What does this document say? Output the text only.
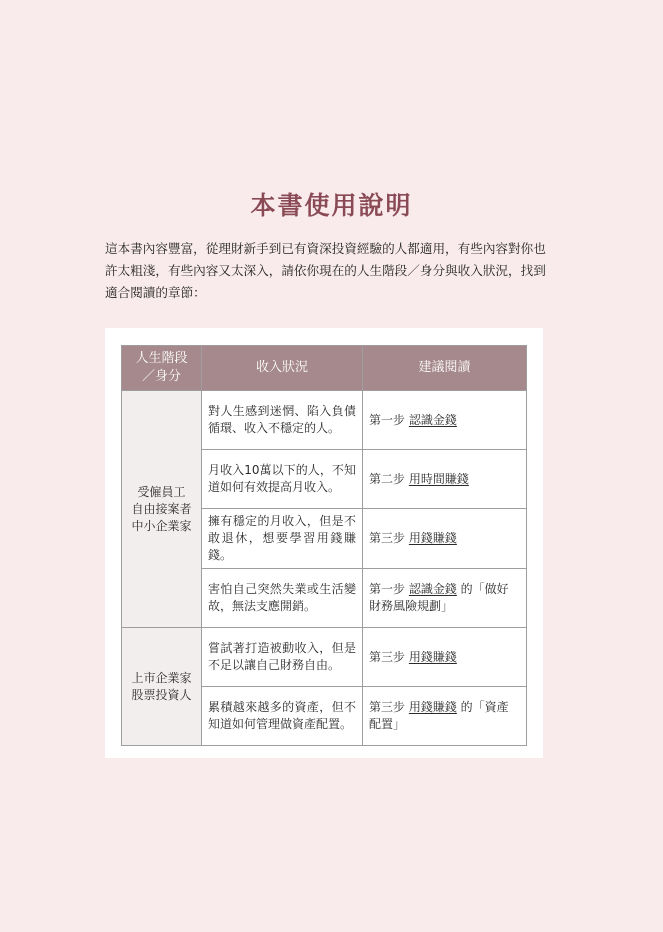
本書使用說明
這本書內容豐富，從理財新手到已有資深投資經驗的人都適用，有些內容對你也許太粗淺，有些內容又太深入，請依你現在的人生階段／身分與收入狀況，找到適合閱讀的章節：
人生階段
／身分	收入狀況	建議閱讀

受僱員工
自由接案者
中小企業家	對人生感到迷惘、陷入負債循環、收入不穩定的人。	第一步 認識金錢
	月收入10萬以下的人，不知道如何有效提高月收入。	第二步 用時間賺錢
	擁有穩定的月收入，但是不敢退休，想要學習用錢賺錢。	第三步 用錢賺錢
	害怕自己突然失業或生活變故，無法支應開銷。	第一步 認識金錢 的「做好財務風險規劃」

上市企業家
股票投資人	嘗試著打造被動收入，但是不足以讓自己財務自由。	第三步 用錢賺錢
	累積越來越多的資產，但不知道如何管理做資產配置。	第三步 用錢賺錢 的「資產配置」
